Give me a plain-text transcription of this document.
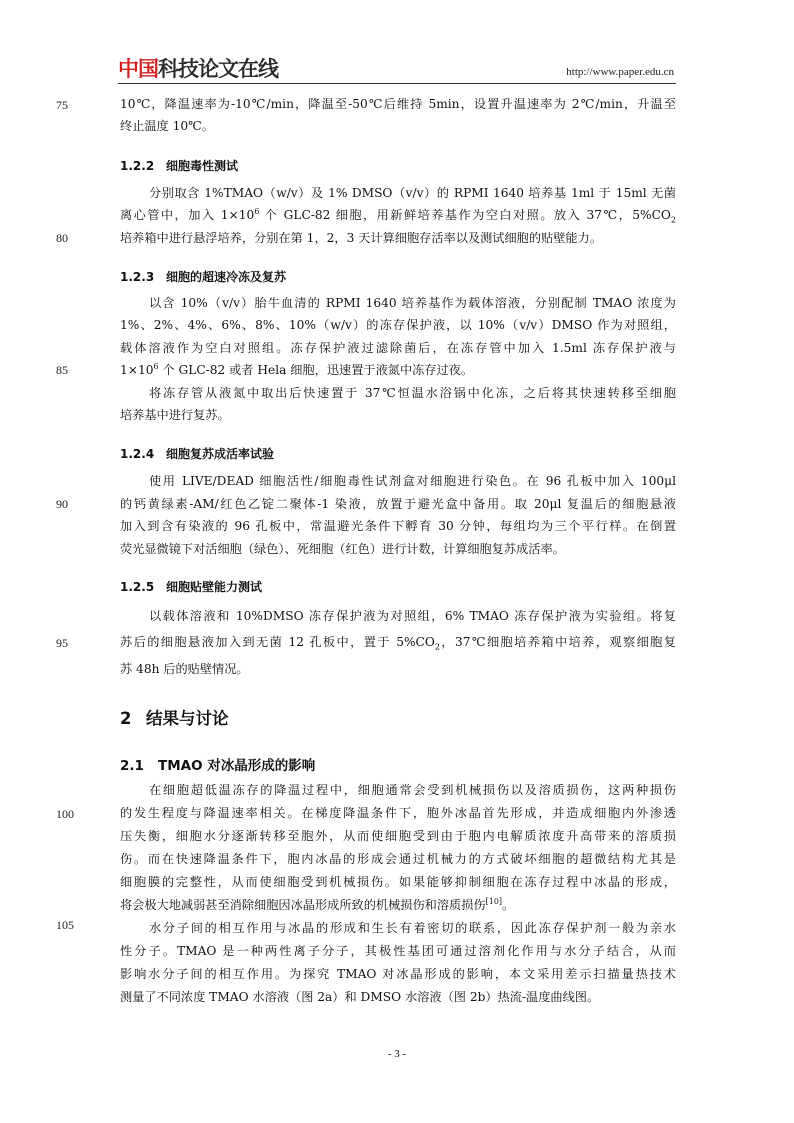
中国 科技论文在线	http://www.paper.edu.cn
75
80
85
90
95
100
105
10℃，降温速率为-10℃/min，降温至-50℃后维持 5min，设置升温速率为 2℃/min，升温至
终止温度 10℃。
1.2.2 细胞毒性测试
分别取含 1%TMAO（w/v）及 1% DMSO（v/v）的 RPMI 1640 培养基 1ml 于 15ml 无菌
离心管中，加入 $1\times 10^6$ 个 GLC-82 细胞，用新鲜培养基作为空白对照。放入 37℃，$5\%CO_2$
培养箱中进行悬浮培养，分别在第 1，2，3 天计算细胞存活率以及测试细胞的贴壁能力。
1.2.3 细胞的超速冷冻及复苏
以含 10%（v/v）胎牛血清的 RPMI 1640 培养基作为载体溶液，分别配制 TMAO 浓度为
1%、2%、4%、6%、8%、10%（w/v）的冻存保护液，以 10%（v/v）DMSO 作为对照组，
载体溶液作为空白对照组。冻存保护液过滤除菌后，在冻存管中加入 1.5ml 冻存保护液与
$1\times 10^6$ 个 GLC-82 或者 Hela 细胞，迅速置于液氮中冻存过夜。
将冻存管从液氮中取出后快速置于 37℃恒温水浴锅中化冻，之后将其快速转移至细胞
培养基中进行复苏。
1.2.4 细胞复苏成活率试验
使用 LIVE/DEAD 细胞活性/细胞毒性试剂盒对细胞进行染色。在 96 孔板中加入 100μl
的钙黄绿素-AM/红色乙锭二聚体-1 染液，放置于避光盒中备用。取 20μl 复温后的细胞悬液
加入到含有染液的 96 孔板中，常温避光条件下孵育 30 分钟，每组均为三个平行样。在倒置
荧光显微镜下对活细胞（绿色）、死细胞（红色）进行计数，计算细胞复苏成活率。
1.2.5 细胞贴壁能力测试
以载体溶液和 10%DMSO 冻存保护液为对照组，6% TMAO 冻存保护液为实验组。将复
苏后的细胞悬液加入到无菌 12 孔板中，置于 $5\%CO_2$，37℃细胞培养箱中培养，观察细胞复
苏 48h 后的贴壁情况。
2 结果与讨论
2.1 TMAO 对冰晶形成的影响
在细胞超低温冻存的降温过程中，细胞通常会受到机械损伤以及溶质损伤，这两种损伤
的发生程度与降温速率相关。在梯度降温条件下，胞外冰晶首先形成，并造成细胞内外渗透
压失衡，细胞水分逐渐转移至胞外，从而使细胞受到由于胞内电解质浓度升高带来的溶质损
伤。而在快速降温条件下，胞内冰晶的形成会通过机械力的方式破坏细胞的超微结构尤其是
细胞膜的完整性，从而使细胞受到机械损伤。如果能够抑制细胞在冻存过程中冰晶的形成，
将会极大地减弱甚至消除细胞因冰晶形成所致的机械损伤和溶质损伤[10]。
水分子间的相互作用与冰晶的形成和生长有着密切的联系，因此冻存保护剂一般为亲水
性分子。TMAO 是一种两性离子分子，其极性基团可通过溶剂化作用与水分子结合，从而
影响水分子间的相互作用。为探究 TMAO 对冰晶形成的影响，本文采用差示扫描量热技术
测量了不同浓度 TMAO 水溶液（图 2a）和 DMSO 水溶液（图 2b）热流-温度曲线图。
- 3 -
